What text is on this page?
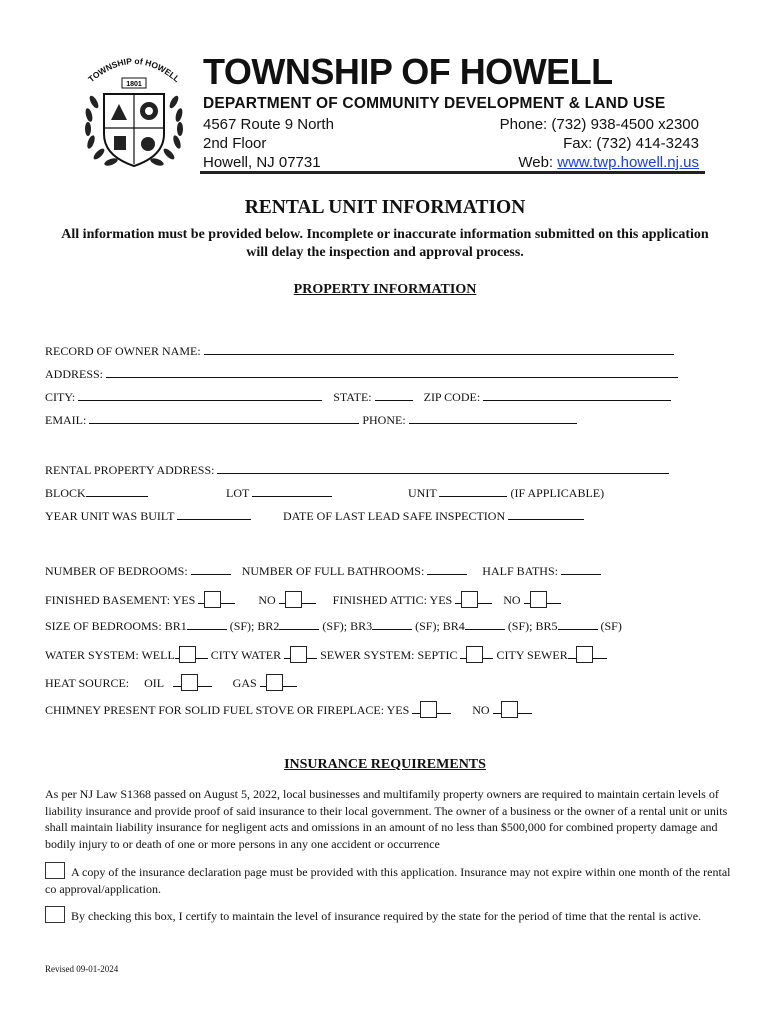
TOWNSHIP of HOWELL
1801 TOWNSHIP OF HOWELL
DEPARTMENT OF COMMUNITY DEVELOPMENT & LAND USE
4567 Route 9 North
2nd Floor
Howell, NJ 07731
Phone: (732) 938-4500 x2300
Fax: (732) 414-3243
Web: www.twp.howell.nj.us
RENTAL UNIT INFORMATION
All information must be provided below. Incomplete or inaccurate information submitted on this application will delay the inspection and approval process.
PROPERTY INFORMATION
RECORD OF OWNER NAME:
ADDRESS:
CITY:	STATE:	ZIP CODE:
EMAIL:	PHONE:
RENTAL PROPERTY ADDRESS:
BLOCK	LOT	UNIT	(IF APPLICABLE)
YEAR UNIT WAS BUILT	DATE OF LAST LEAD SAFE INSPECTION
NUMBER OF BEDROOMS:	NUMBER OF FULL BATHROOMS:	HALF BATHS:
FINISHED BASEMENT: YES	NO	FINISHED ATTIC: YES	NO
SIZE OF BEDROOMS: BR1	(SF); BR2	(SF); BR3	(SF); BR4	(SF); BR5	(SF)
WATER SYSTEM: WELL	CITY WATER	SEWER SYSTEM: SEPTIC	CITY SEWER
HEAT SOURCE: OIL	GAS
CHIMNEY PRESENT FOR SOLID FUEL STOVE OR FIREPLACE: YES	NO
INSURANCE REQUIREMENTS
As per NJ Law S1368 passed on August 5, 2022, local businesses and multifamily property owners are required to maintain certain levels of liability insurance and provide proof of said insurance to their local government. The owner of a business or the owner of a rental unit or units shall maintain liability insurance for negligent acts and omissions in an amount of no less than $500,000 for combined property damage and bodily injury to or death of one or more persons in any one accident or occurrence
A copy of the insurance declaration page must be provided with this application. Insurance may not expire within one month of the rental co approval/application.
By checking this box, I certify to maintain the level of insurance required by the state for the period of time that the rental is active.
Revised 09-01-2024
